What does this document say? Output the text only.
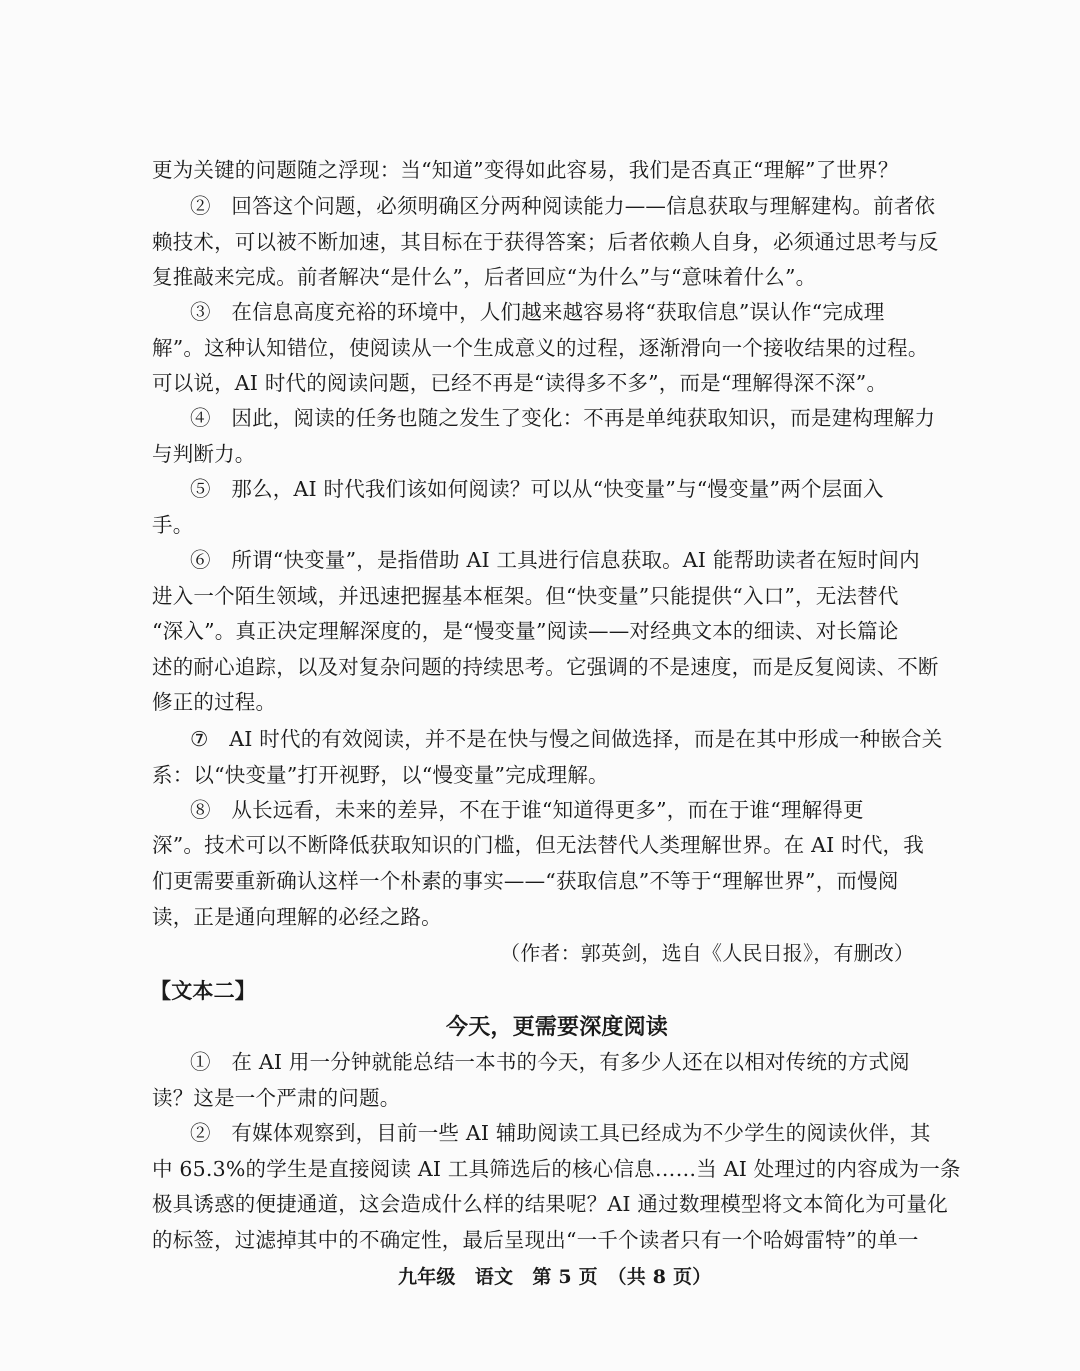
更为关键的问题随之浮现：当“知道”变得如此容易，我们是否真正“理解”了世界？
②　回答这个问题，必须明确区分两种阅读能力——信息获取与理解建构。前者依
赖技术，可以被不断加速，其目标在于获得答案；后者依赖人自身，必须通过思考与反
复推敲来完成。前者解决“是什么”，后者回应“为什么”与“意味着什么”。
③　在信息高度充裕的环境中，人们越来越容易将“获取信息”误认作“完成理
解”。这种认知错位，使阅读从一个生成意义的过程，逐渐滑向一个接收结果的过程。
可以说，AI 时代的阅读问题，已经不再是“读得多不多”，而是“理解得深不深”。
④　因此，阅读的任务也随之发生了变化：不再是单纯获取知识，而是建构理解力
与判断力。
⑤　那么，AI 时代我们该如何阅读？可以从“快变量”与“慢变量”两个层面入
手。
⑥　所谓“快变量”，是指借助 AI 工具进行信息获取。AI 能帮助读者在短时间内
进入一个陌生领域，并迅速把握基本框架。但“快变量”只能提供“入口”，无法替代
“深入”。真正决定理解深度的，是“慢变量”阅读——对经典文本的细读、对长篇论
述的耐心追踪，以及对复杂问题的持续思考。它强调的不是速度，而是反复阅读、不断
修正的过程。
⑦　AI 时代的有效阅读，并不是在快与慢之间做选择，而是在其中形成一种嵌合关
系：以“快变量”打开视野，以“慢变量”完成理解。
⑧　从长远看，未来的差异，不在于谁“知道得更多”，而在于谁“理解得更
深”。技术可以不断降低获取知识的门槛，但无法替代人类理解世界。在 AI 时代，我
们更需要重新确认这样一个朴素的事实——“获取信息”不等于“理解世界”，而慢阅
读，正是通向理解的必经之路。
（作者：郭英剑，选自《人民日报》，有删改）
【文本二】
今天，更需要深度阅读
①　在 AI 用一分钟就能总结一本书的今天，有多少人还在以相对传统的方式阅
读？这是一个严肃的问题。
②　有媒体观察到，目前一些 AI 辅助阅读工具已经成为不少学生的阅读伙伴，其
中 65.3%的学生是直接阅读 AI 工具筛选后的核心信息……当 AI 处理过的内容成为一条
极具诱惑的便捷通道，这会造成什么样的结果呢？AI 通过数理模型将文本简化为可量化
的标签，过滤掉其中的不确定性，最后呈现出“一千个读者只有一个哈姆雷特”的单一
九年级　语文　第 5 页　（共 8 页）
